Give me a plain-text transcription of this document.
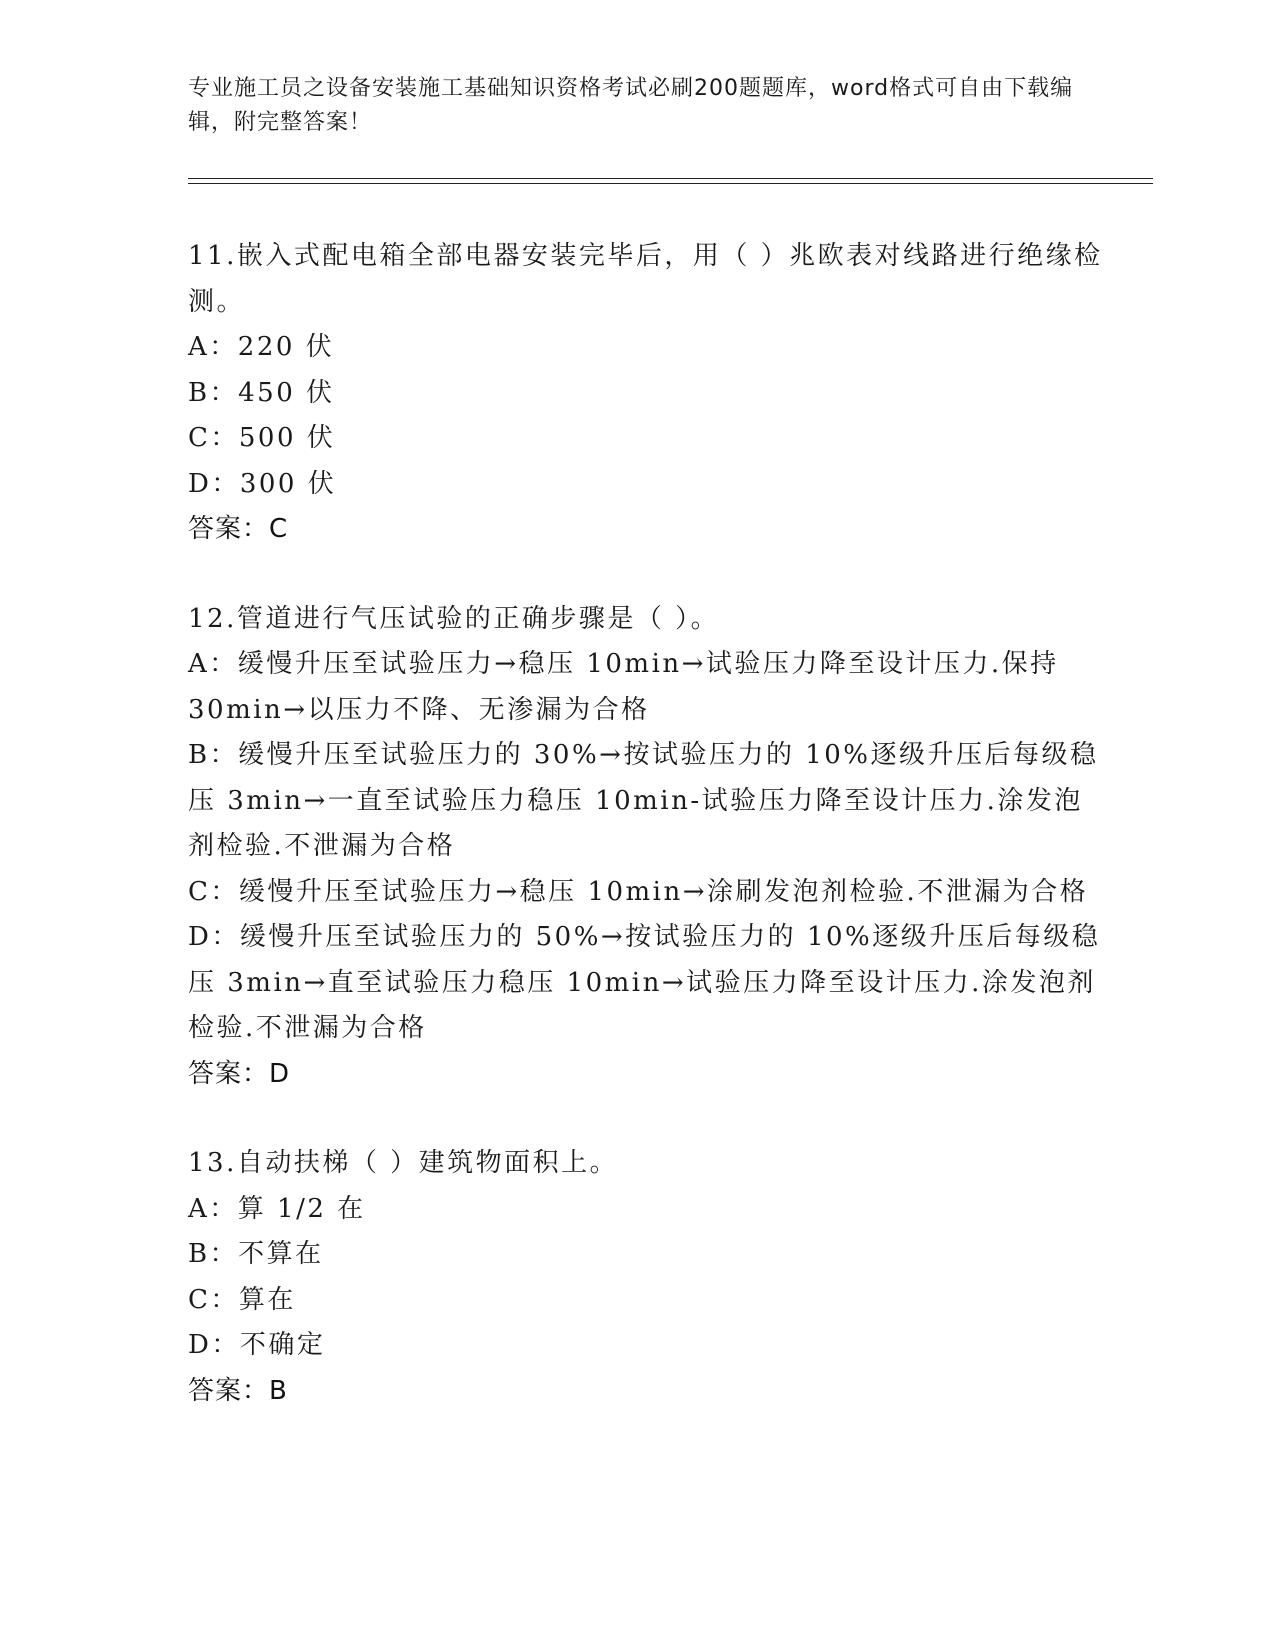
专业施工员之设备安装施工基础知识资格考试必刷200题题库，word格式可自由下载编辑，附完整答案！
11.嵌入式配电箱全部电器安装完毕后，用（ ）兆欧表对线路进行绝缘检测。
A：220 伏
B：450 伏
C：500 伏
D：300 伏
答案：C
12.管道进行气压试验的正确步骤是（ ）。
A：缓慢升压至试验压力→稳压 10min→试验压力降至设计压力.保持30min→以压力不降、无渗漏为合格
B：缓慢升压至试验压力的 30%→按试验压力的 10%逐级升压后每级稳压 3min→一直至试验压力稳压 10min-试验压力降至设计压力.涂发泡剂检验.不泄漏为合格
C：缓慢升压至试验压力→稳压 10min→涂刷发泡剂检验.不泄漏为合格
D：缓慢升压至试验压力的 50%→按试验压力的 10%逐级升压后每级稳压 3min→直至试验压力稳压 10min→试验压力降至设计压力.涂发泡剂检验.不泄漏为合格
答案：D
13.自动扶梯（ ）建筑物面积上。
A：算 1/2 在
B：不算在
C：算在
D：不确定
答案：B
